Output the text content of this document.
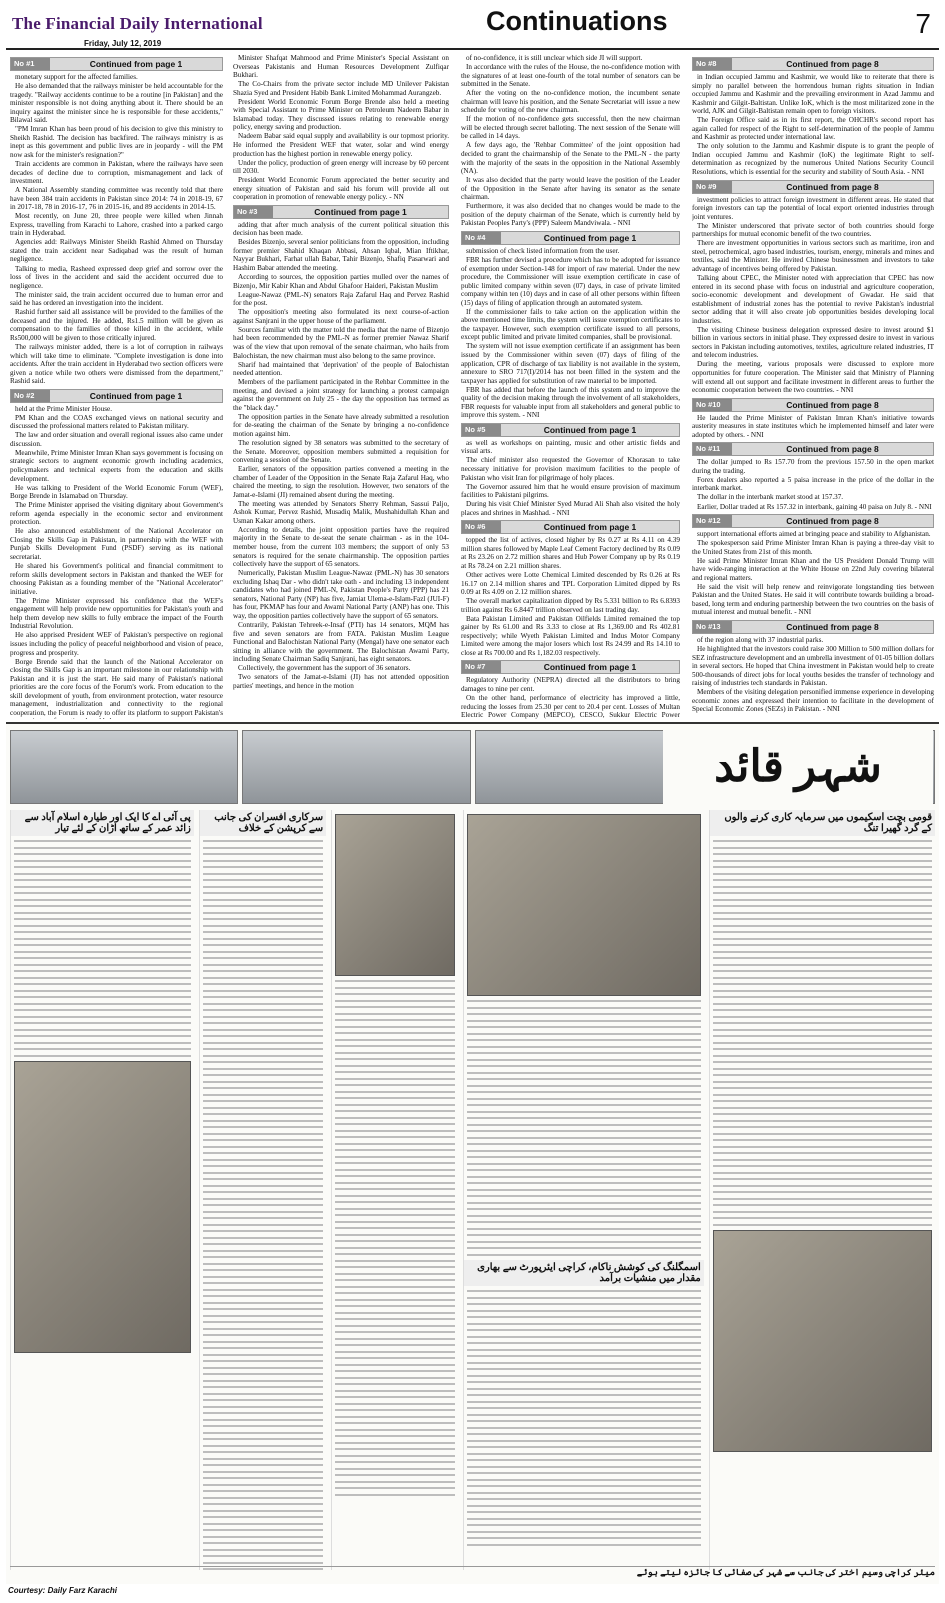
The Financial Daily International
Friday, July 12, 2019
Continuations	7
No #1	Continued from page 1

monetary support for the affected families.

He also demanded that the railways minister be held accountable for the tragedy. "Railway accidents continue to be a routine [in Pakistan] and the minister responsible is not doing anything about it. There should be an inquiry against the minister since he is responsible for these accidents," Bilawal said.

"PM Imran Khan has been proud of his decision to give this ministry to Sheikh Rashid. The decision has backfired. The railways ministry is as inept as this government and public lives are in jeopardy - will the PM now ask for the minister's resignation?"

Train accidents are common in Pakistan, where the railways have seen decades of decline due to corruption, mismanagement and lack of investment.

A National Assembly standing committee was recently told that there have been 384 train accidents in Pakistan since 2014: 74 in 2018-19, 67 in 2017-18, 78 in 2016-17, 76 in 2015-16, and 89 accidents in 2014-15.

Most recently, on June 20, three people were killed when Jinnah Express, travelling from Karachi to Lahore, crashed into a parked cargo train in Hyderabad.

Agencies add: Railways Minister Sheikh Rashid Ahmed on Thursday stated the train accident near Sadiqabad was the result of human negligence.

Talking to media, Rasheed expressed deep grief and sorrow over the loss of lives in the accident and said the accident occurred due to negligence.

The minister said, the train accident occurred due to human error and said he has ordered an investigation into the incident.

Rashid further said all assistance will be provided to the families of the deceased and the injured. He added, Rs1.5 million will be given as compensation to the families of those killed in the accident, while Rs500,000 will be given to those critically injured.

The railways minister added, there is a lot of corruption in railways which will take time to eliminate. "Complete investigation is done into accidents. After the train accident in Hyderabad two section officers were given a notice while two others were dismissed from the department," Rashid said.

No #2	Continued from page 1

held at the Prime Minister House.

PM Khan and the COAS exchanged views on national security and discussed the professional matters related to Pakistan military.

The law and order situation and overall regional issues also came under discussion.

Meanwhile, Prime Minister Imran Khan says government is focusing on strategic sectors to augment economic growth including academics, policymakers and technical experts from the education and skills development.

He was talking to President of the World Economic Forum (WEF), Borge Brende in Islamabad on Thursday.

The Prime Minister apprised the visiting dignitary about Government's reform agenda especially in the economic sector and environment protection.

He also announced establishment of the National Accelerator on Closing the Skills Gap in Pakistan, in partnership with the WEF with Punjab Skills Development Fund (PSDF) serving as its national secretariat.

He shared his Government's political and financial commitment to reform skills development sectors in Pakistan and thanked the WEF for choosing Pakistan as a founding member of the "National Accelerator" initiative.

The Prime Minister expressed his confidence that the WEF's engagement will help provide new opportunities for Pakistan's youth and help them develop new skills to fully embrace the impact of the Fourth Industrial Revolution.

He also apprised President WEF of Pakistan's perspective on regional issues including the policy of peaceful neighborhood and vision of peace, progress and prosperity.

Borge Brende said that the launch of the National Accelerator on closing the Skills Gap is an important milestone in our relationship with Pakistan and it is just the start. He said many of Pakistan's national priorities are the core focus of the Forum's work. From education to the skill development of youth, from environment protection, water resource management, industrialization and connectivity to the regional cooperation, the Forum is ready to offer its platform to support Pakistan's

Minister Shafqat Mahmood and Prime Minister's Special Assistant on Overseas Pakistanis and Human Resources Development Zulfiqar Bukhari.

The Co-Chairs from the private sector include MD Unilever Pakistan Shazia Syed and President Habib Bank Limited Mohammad Aurangzeb.

President World Economic Forum Borge Brende also held a meeting with Special Assistant to Prime Minister on Petroleum Nadeem Babar in Islamabad today. They discussed issues relating to renewable energy policy, energy saving and production.

Nadeem Babar said equal supply and availability is our topmost priority. He informed the President WEF that water, solar and wind energy production has the highest portion in renewable energy policy.

Under the policy, production of green energy will increase by 60 percent till 2030.

President World Economic Forum appreciated the better security and energy situation of Pakistan and said his forum will provide all out cooperation in promotion of renewable energy policy. - NN

No #3	Continued from page 1

adding that after much analysis of the current political situation this decision has been made.

Besides Bizenjo, several senior politicians from the opposition, including former premier Shahid Khaqan Abbasi, Ahsan Iqbal, Mian Iftikhar, Nayyar Bukhari, Farhat ullah Babar, Tahir Bizenjo, Shafiq Pasarwari and Hashim Babar attended the meeting.

According to sources, the opposition parties mulled over the names of Bizenjo, Mir Kabir Khan and Abdul Ghafoor Haideri, Pakistan Muslim

League-Nawaz (PML-N) senators Raja Zafarul Haq and Pervez Rashid for the post.

The opposition's meeting also formulated its next course-of-action against Sanjrani in the upper house of the parliament.

Sources familiar with the matter told the media that the name of Bizenjo had been recommended by the PML-N as former premier Nawaz Sharif was of the view that upon removal of the senate chairman, who hails from Balochistan, the new chairman must also belong to the same province.

Sharif had maintained that 'deprivation' of the people of Balochistan needed attention.

Members of the parliament participated in the Rehbar Committee in the meeting, and devised a joint strategy for launching a protest campaign against the government on July 25 - the day the opposition has termed as the "black day."

The opposition parties in the Senate have already submitted a resolution for de-seating the chairman of the Senate by bringing a no-confidence motion against him.

The resolution signed by 38 senators was submitted to the secretary of the Senate. Moreover, opposition members submitted a requisition for convening a session of the Senate.

Earlier, senators of the opposition parties convened a meeting in the chamber of Leader of the Opposition in the Senate Raja Zafarul Haq, who chaired the meeting, to sign the resolution. However, two senators of the Jamat-e-Islami (JI) remained absent during the meeting.

The meeting was attended by Senators Sherry Rehman, Sassui Paljo, Ashok Kumar, Pervez Rashid, Musadiq Malik, Mushahidullah Khan and Usman Kakar among others.

According to details, the joint opposition parties have the required majority in the Senate to de-seat the senate chairman - as in the 104-member house, from the current 103 members; the support of only 53 senators is required for the senate chairmanship. The opposition parties collectively have the support of 65 senators.

Numerically, Pakistan Muslim League-Nawaz (PML-N) has 30 senators excluding Ishaq Dar - who didn't take oath - and including 13 independent candidates who had joined PML-N, Pakistan People's Party (PPP) has 21 senators, National Party (NP) has five, Jamiat Ulema-e-Islam-Fazl (JUI-F) has four, PKMAP has four and Awami National Party (ANP) has one. This way, the opposition parties collectively have the support of 65 senators.

Contrarily, Pakistan Tehreek-e-Insaf (PTI) has 14 senators, MQM has five and seven senators are from FATA. Pakistan Muslim League Functional and Balochistan National Party (Mengal) have one senator each sitting in alliance with the government. The Balochistan Awami Party, including Senate Chairman Sadiq Sanjrani, has eight senators.

Collectively, the government has the support of 36 senators.

Two senators of the Jamat-e-Islami (JI) has not attended opposition parties' meetings, and hence in the motion

of no-confidence, it is still unclear which side JI will support.

In accordance with the rules of the House, the no-confidence motion with the signatures of at least one-fourth of the total number of senators can be submitted in the Senate.

After the voting on the no-confidence motion, the incumbent senate chairman will leave his position, and the Senate Secretariat will issue a new schedule for voting of the new chairman.

If the motion of no-confidence gets successful, then the new chairman will be elected through secret balloting. The next session of the Senate will be called in 14 days.

A few days ago, the 'Rehbar Committee' of the joint opposition had decided to grant the chairmanship of the Senate to the PML-N - the party with the majority of the seats in the opposition in the National Assembly (NA).

It was also decided that the party would leave the position of the Leader of the Opposition in the Senate after having its senator as the senate chairman.

Furthermore, it was also decided that no changes would be made to the position of the deputy chairman of the Senate, which is currently held by Pakistan Peoples Party's (PPP) Saleem Mandviwala. - NNI

No #4	Continued from page 1

submission of check listed information from the user.

FBR has further devised a procedure which has to be adopted for issuance of exemption under Section-148 for import of raw material. Under the new procedure, the Commissioner will issue exemption certificate in case of public limited company within seven (07) days, in case of private limited company within ten (10) days and in case of all other persons within fifteen (15) days of filing of application through an automated system.

If the commissioner fails to take action on the application within the above mentioned time limits, the system will issue exemption certificates to the taxpayer. However, such exemption certificate issued to all persons, except public limited and private limited companies, shall be provisional.

The system will not issue exemption certificate if an assignment has been issued by the Commissioner within seven (07) days of filing of the application, CPR of discharge of tax liability is not available in the system, annexure to SRO 717(I)/2014 has not been filled in the system and the taxpayer has applied for substitution of raw material to be imported.

FBR has added that before the launch of this system and to improve the quality of the decision making through the involvement of all stakeholders, FBR requests for valuable input from all stakeholders and general public to improve this system. - NNI

No #5	Continued from page 1

as well as workshops on painting, music and other artistic fields and visual arts.

The chief minister also requested the Governor of Khorasan to take necessary initiative for provision maximum facilities to the people of Pakistan who visit Iran for pilgrimage of holy places.

The Governor assured him that he would ensure provision of maximum facilities to Pakistani pilgrims.

During his visit Chief Minister Syed Murad Ali Shah also visited the holy places and shrines in Mashhad. - NNI

No #6	Continued from page 1

topped the list of actives, closed higher by Rs 0.27 at Rs 4.11 on 4.39 million shares followed by Maple Leaf Cement Factory declined by Rs 0.09 at Rs 23.26 on 2.72 million shares and Hub Power Company up by Rs 0.19 at Rs 78.24 on 2.21 million shares.

Other actives were Lotte Chemical Limited descended by Rs 0.26 at Rs 16.17 on 2.14 million shares and TPL Corporation Limited dipped by Rs 0.09 at Rs 4.09 on 2.12 million shares.

The overall market capitalization dipped by Rs 5.331 billion to Rs 6.8393 trillion against Rs 6.8447 trillion observed on last trading day.

Bata Pakistan Limited and Pakistan Oilfields Limited remained the top gainer by Rs 61.00 and Rs 3.33 to close at Rs 1,369.00 and Rs 402.81 respectively; while Wyeth Pakistan Limited and Indus Motor Company Limited were among the major losers which lost Rs 24.99 and Rs 14.10 to close at Rs 700.00 and Rs 1,182.03 respectively.

No #7	Continued from page 1

Regulatory Authority (NEPRA) directed all the distributors to bring damages to nine per cent.

On the other hand, performance of electricity has improved a little, reducing the losses from 25.30 per cent to 20.4 per cent. Losses of Multan Electric Power Company (MEPCO), CESCO, Sukkur Electric Power

No #8	Continued from page 8

in Indian occupied Jammu and Kashmir, we would like to reiterate that there is simply no parallel between the horrendous human rights situation in Indian occupied Jammu and Kashmir and the prevailing environment in Azad Jammu and Kashmir and Gilgit-Baltistan. Unlike IoK, which is the most militarized zone in the world, AJK and Gilgit-Baltistan remain open to foreign visitors.

The Foreign Office said as in its first report, the OHCHR's second report has again called for respect of the Right to self-determination of the people of Jammu and Kashmir as protected under international law.

The only solution to the Jammu and Kashmir dispute is to grant the people of Indian occupied Jammu and Kashmir (IoK) the legitimate Right to self-determination as recognized by the numerous United Nations Security Council Resolutions, which is essential for the security and stability of South Asia. - NNI

No #9	Continued from page 8

investment policies to attract foreign investment in different areas. He stated that foreign investors can tap the potential of local export oriented industries through joint ventures.

The Minister underscored that private sector of both countries should forge partnerships for mutual economic benefit of the two countries.

There are investment opportunities in various sectors such as maritime, iron and steel, petrochemical, agro based industries, tourism, energy, minerals and mines and textiles, said the Minister. He invited Chinese businessmen and investors to take advantage of incentives being offered by Pakistan.

Talking about CPEC, the Minister noted with appreciation that CPEC has now entered in its second phase with focus on industrial and agriculture cooperation, socio-economic development and development of Gwadar. He said that establishment of industrial zones has the potential to revive Pakistan's industrial sector adding that it will also create job opportunities besides developing local industries.

The visiting Chinese business delegation expressed desire to invest around $1 billion in various sectors in initial phase. They expressed desire to invest in various sectors in Pakistan including automotives, textiles, agriculture related industries, IT and telecom industries.

During the meeting, various proposals were discussed to explore more opportunities for future cooperation. The Minister said that Ministry of Planning will extend all out support and facilitate investment in different areas to further the economic cooperation between the two countries. - NNI

No #10	Continued from page 8

He lauded the Prime Minister of Pakistan Imran Khan's initiative towards austerity measures in state institutes which he implemented himself and later were adopted by others. - NNI

No #11	Continued from page 8

The dollar jumped to Rs 157.70 from the previous 157.50 in the open market during the trading.

Forex dealers also reported a 5 paisa increase in the price of the dollar in the interbank market.

The dollar in the interbank market stood at 157.37.

Earlier, Dollar traded at Rs 157.32 in interbank, gaining 40 paisa on July 8. - NNI

No #12	Continued from page 8

support international efforts aimed at bringing peace and stability to Afghanistan.

The spokesperson said Prime Minister Imran Khan is paying a three-day visit to the United States from 21st of this month.

He said Prime Minister Imran Khan and the US President Donald Trump will have wide-ranging interaction at the White House on 22nd July covering bilateral and regional matters.

He said the visit will help renew and reinvigorate longstanding ties between Pakistan and the United States. He said it will contribute towards building a broad-based, long term and enduring partnership between the two countries on the basis of mutual interest and mutual benefit. - NNI

No #13	Continued from page 8

of the region along with 37 industrial parks.

He highlighted that the investors could raise 300 Million to 500 million dollars for SEZ infrastructure development and an umbrella investment of 01-05 billion dollars in several sectors. He hoped that China investment in Pakistan would help to create 500-thousands of direct jobs for local youths besides the transfer of technology and raising of industries tech standards in Pakistan.

Members of the visiting delegation personified immense experience in developing economic zones and expressed their intention to facilitate in the development of Special Economic Zones (SEZs) in Pakistan. - NNI

شہر قائد
پی آئی اے کا ایک اور طیارہ اسلام آباد سے زائد عمر کے ساتھ اڑان کے لئے تیار
سرکاری افسران کی جانب سے کرپشن کے خلاف
اسمگلنگ کی کوشش ناکام، کراچی ایئرپورٹ سے بھاری مقدار میں منشیات برآمد
قومی بچت اسکیموں میں سرمایہ کاری کرنے والوں کے گرد گھیرا تنگ
میئر کراچی وسیم اختر کی جانب سے شہر کی صفائی کا جائزہ لیتے ہوئے
Courtesy: Daily Farz Karachi
